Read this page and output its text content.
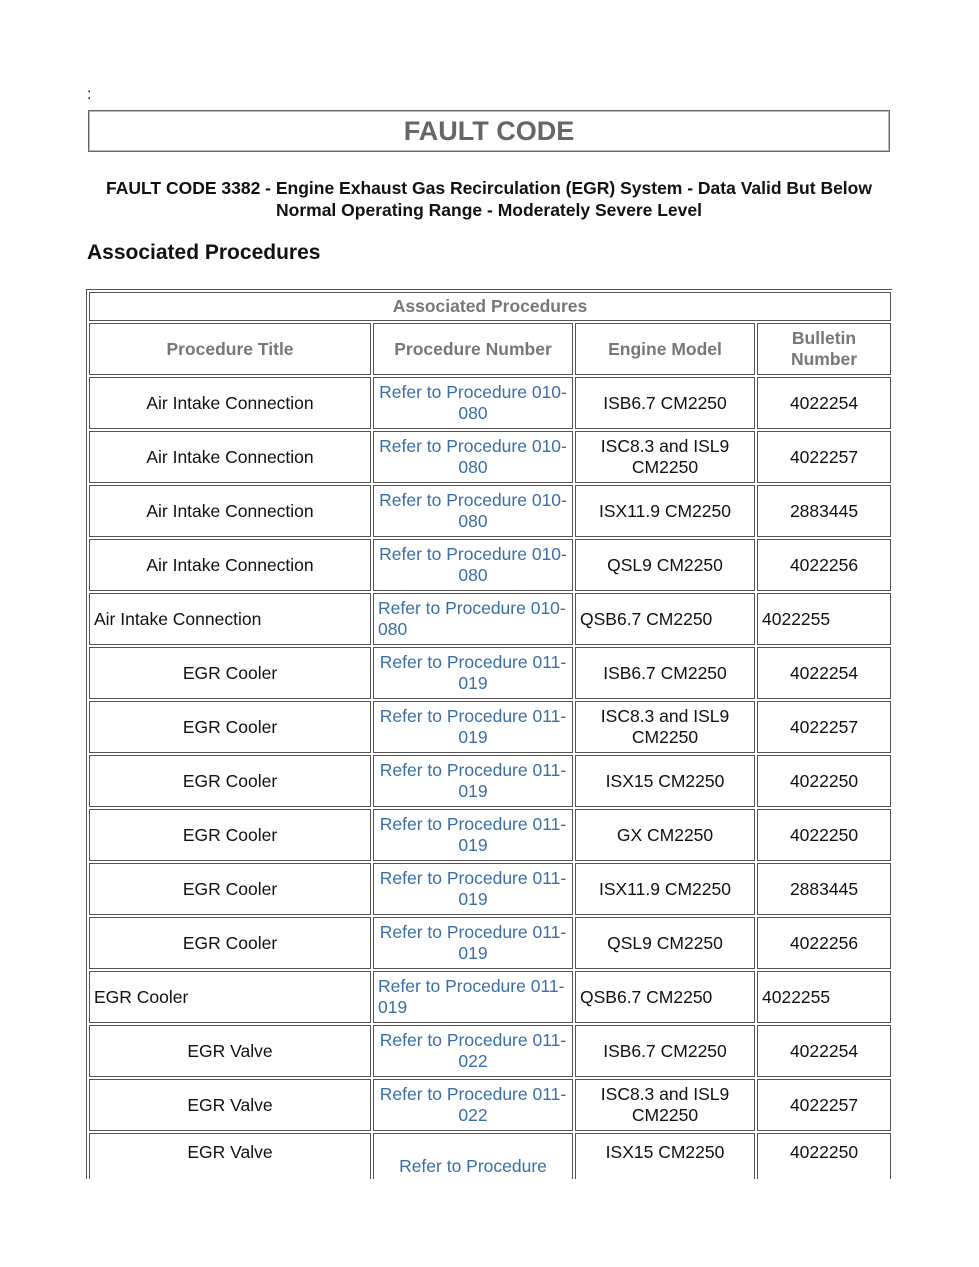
:
FAULT CODE
FAULT CODE 3382 - Engine Exhaust Gas Recirculation (EGR) System - Data Valid But Below Normal Operating Range - Moderately Severe Level
Associated Procedures
Associated Procedures			
Procedure Title	Procedure Number	Engine Model	Bulletin Number
Air Intake Connection	Refer to Procedure 010-080	ISB6.7 CM2250	4022254
Air Intake Connection	Refer to Procedure 010-080	ISC8.3 and ISL9 CM2250	4022257
Air Intake Connection	Refer to Procedure 010-080	ISX11.9 CM2250	2883445
Air Intake Connection	Refer to Procedure 010-080	QSL9 CM2250	4022256
Air Intake Connection	Refer to Procedure 010-080	QSB6.7 CM2250	4022255
EGR Cooler	Refer to Procedure 011-019	ISB6.7 CM2250	4022254
EGR Cooler	Refer to Procedure 011-019	ISC8.3 and ISL9 CM2250	4022257
EGR Cooler	Refer to Procedure 011-019	ISX15 CM2250	4022250
EGR Cooler	Refer to Procedure 011-019	GX CM2250	4022250
EGR Cooler	Refer to Procedure 011-019	ISX11.9 CM2250	2883445
EGR Cooler	Refer to Procedure 011-019	QSL9 CM2250	4022256
EGR Cooler	Refer to Procedure 011-019	QSB6.7 CM2250	4022255
EGR Valve	Refer to Procedure 011-022	ISB6.7 CM2250	4022254
EGR Valve	Refer to Procedure 011-022	ISC8.3 and ISL9 CM2250	4022257
EGR Valve	Refer to Procedure	ISX15 CM2250	4022250
